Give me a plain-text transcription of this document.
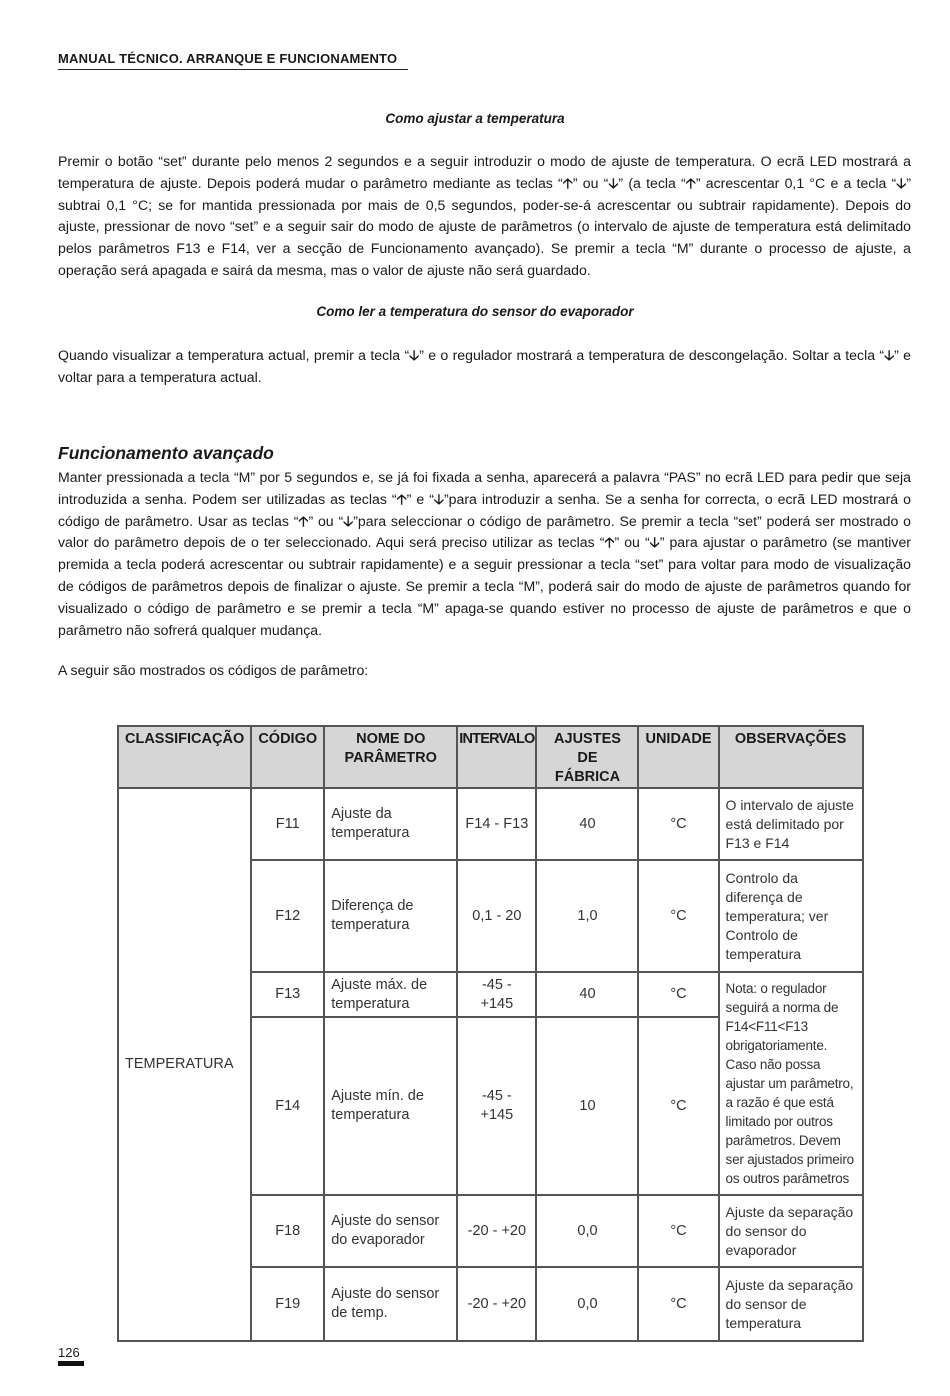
MANUAL TÉCNICO. ARRANQUE E FUNCIONAMENTO
Como ajustar a temperatura
Premir o botão “set” durante pelo menos 2 segundos e a seguir introduzir o modo de ajuste de temperatura. O ecrã LED mostrará a temperatura de ajuste. Depois poderá mudar o parâmetro mediante as teclas “🡡” ou “🡣” (a tecla “🡡” acrescentar 0,1 °C e a tecla “🡣” subtrai 0,1 °C; se for mantida pressionada por mais de 0,5 segundos, poder-se-á acrescentar ou subtrair rapidamente). Depois do ajuste, pressionar de novo “set” e a seguir sair do modo de ajuste de parâmetros (o intervalo de ajuste de temperatura está delimitado pelos parâmetros F13 e F14, ver a secção de Funcionamento avançado). Se premir a tecla “M” durante o processo de ajuste, a operação será apagada e sairá da mesma, mas o valor de ajuste não será guardado.
Como ler a temperatura do sensor do evaporador
Quando visualizar a temperatura actual, premir a tecla “🡣” e o regulador mostrará a temperatura de descongelação. Soltar a tecla “🡣” e voltar para a temperatura actual.
Funcionamento avançado
Manter pressionada a tecla “M” por 5 segundos e, se já foi fixada a senha, aparecerá a palavra “PAS” no ecrã LED para pedir que seja introduzida a senha. Podem ser utilizadas as teclas “🡡” e “🡣”para introduzir a senha. Se a senha for correcta, o ecrã LED mostrará o código de parâmetro. Usar as teclas “🡡” ou “🡣”para seleccionar o código de parâmetro. Se premir a tecla “set” poderá ser mostrado o valor do parâmetro depois de o ter seleccionado. Aqui será preciso utilizar as teclas “🡡” ou “🡣” para ajustar o parâmetro (se mantiver premida a tecla poderá acrescentar ou subtrair rapidamente) e a seguir pressionar a tecla “set” para voltar para modo de visualização de códigos de parâmetros depois de finalizar o ajuste. Se premir a tecla “M”, poderá sair do modo de ajuste de parâmetros quando for visualizado o código de parâmetro e se premir a tecla “M” apaga-se quando estiver no processo de ajuste de parâmetros e que o parâmetro não sofrerá qualquer mudança.
A seguir são mostrados os códigos de parâmetro:
CLASSIFICAÇÃO	CÓDIGO	NOME DO PARÂMETRO	INTERVALO	AJUSTES DE FÁBRICA	UNIDADE	OBSERVAÇÕES
TEMPERATURA	F11	Ajuste da temperatura	F14 - F13	40	°C	O intervalo de ajuste está delimitado por F13 e F14
	F12	Diferença de temperatura	0,1 - 20	1,0	°C	Controlo da diferença de temperatura; ver Controlo de temperatura
	F13	Ajuste máx. de temperatura	-45 - +145	40	°C	Nota: o regulador seguirá a norma de F14<F11<F13 obrigatoriamente. Caso não possa ajustar um parâmetro, a razão é que está limitado por outros parâmetros. Devem ser ajustados primeiro os outros parâmetros
	F14	Ajuste mín. de temperatura	-45 - +145	10	°C	
	F18	Ajuste do sensor do evaporador	-20 - +20	0,0	°C	Ajuste da separação do sensor do evaporador
	F19	Ajuste do sensor de temp.	-20 - +20	0,0	°C	Ajuste da separação do sensor de temperatura
126
